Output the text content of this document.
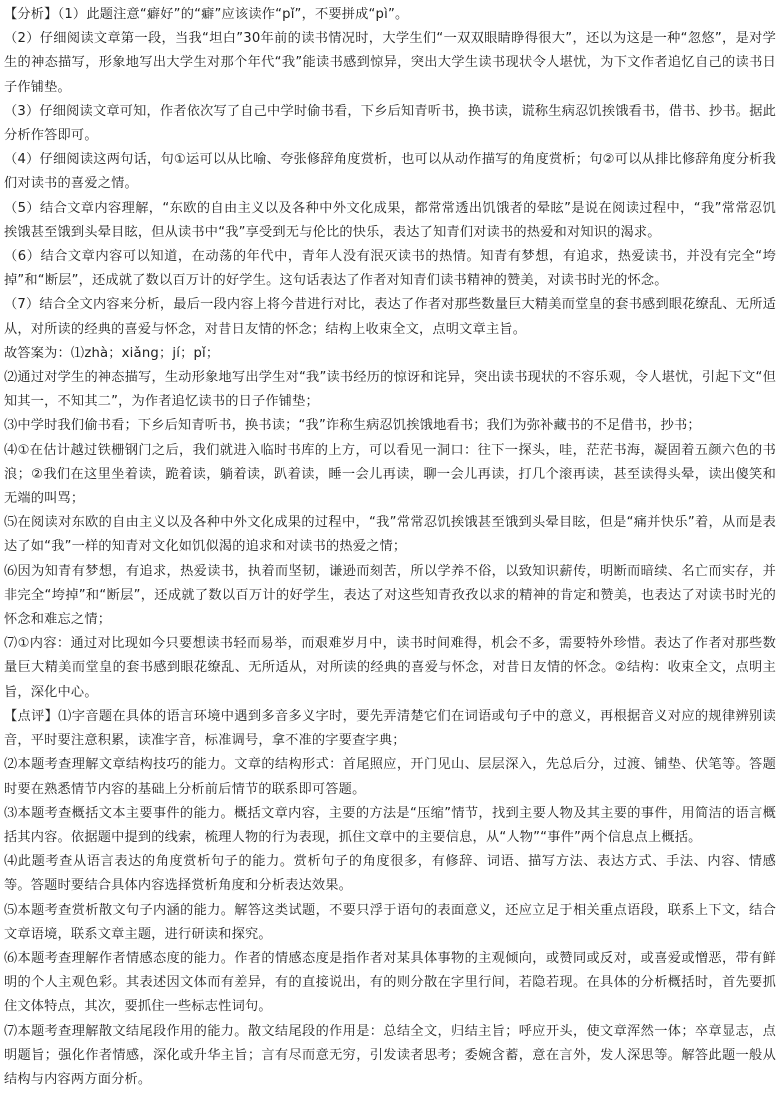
【分析】（1）此题注意“癖好”的“癖”应该读作“pǐ”，不要拼成“pì”。

（2）仔细阅读文章第一段，当我“坦白”30年前的读书情况时，大学生们“一双双眼睛睁得很大”，还以为这是一种“忽悠”，是对学生的神态描写，形象地写出大学生对那个年代“我”能读书感到惊异，突出大学生读书现状令人堪忧，为下文作者追忆自己的读书日子作铺垫。

（3）仔细阅读文章可知，作者依次写了自己中学时偷书看，下乡后知青听书，换书读，谎称生病忍饥挨饿看书，借书、抄书。据此分析作答即可。

（4）仔细阅读这两句话，句①运可以从比喻、夸张修辞角度赏析，也可以从动作描写的角度赏析；句②可以从排比修辞角度分析我们对读书的喜爱之情。

（5）结合文章内容理解，“东欧的自由主义以及各种中外文化成果，都常常透出饥饿者的晕眩”是说在阅读过程中，“我”常常忍饥挨饿甚至饿到头晕目眩，但从读书中“我”享受到无与伦比的快乐，表达了知青们对读书的热爱和对知识的渴求。

（6）结合文章内容可以知道，在动荡的年代中，青年人没有泯灭读书的热情。知青有梦想，有追求，热爱读书，并没有完全“垮掉”和“断层”，还成就了数以百万计的好学生。这句话表达了作者对知青们读书精神的赞美，对读书时光的怀念。

（7）结合全文内容来分析，最后一段内容上将今昔进行对比，表达了作者对那些数量巨大精美而堂皇的套书感到眼花缭乱、无所适从，对所读的经典的喜爱与怀念，对昔日友情的怀念；结构上收束全文，点明文章主旨。

故答案为：⑴zhà；xiǎng；jí；pǐ；

⑵通过对学生的神态描写，生动形象地写出学生对“我”读书经历的惊讶和诧异，突出读书现状的不容乐观，令人堪忧，引起下文“但知其一，不知其二”，为作者追忆读书的日子作铺垫；

⑶中学时我们偷书看；下乡后知青听书，换书读；“我”诈称生病忍饥挨饿地看书；我们为弥补藏书的不足借书，抄书；

⑷①在估计越过铁栅钢门之后，我们就进入临时书库的上方，可以看见一洞口：往下一探头，哇，茫茫书海，凝固着五颜六色的书浪；②我们在这里坐着读，跪着读，躺着读，趴着读，睡一会儿再读，聊一会儿再读，打几个滚再读，甚至读得头晕，读出傻笑和无端的叫骂；

⑸在阅读对东欧的自由主义以及各种中外文化成果的过程中，“我”常常忍饥挨饿甚至饿到头晕目眩，但是“痛并快乐”着，从而是表达了如“我”一样的知青对文化如饥似渴的追求和对读书的热爱之情；

⑹因为知青有梦想，有追求，热爱读书，执着而坚韧，谦逊而刻苦，所以学养不俗，以致知识薪传，明断而暗续、名亡而实存，并非完全“垮掉”和“断层”，还成就了数以百万计的好学生，表达了对这些知青孜孜以求的精神的肯定和赞美，也表达了对读书时光的怀念和难忘之情；

⑺①内容：通过对比现如今只要想读书轻而易举，而艰难岁月中，读书时间难得，机会不多，需要特外珍惜。表达了作者对那些数量巨大精美而堂皇的套书感到眼花缭乱、无所适从，对所读的经典的喜爱与怀念，对昔日友情的怀念。②结构：收束全文，点明主旨，深化中心。

【点评】⑴字音题在具体的语言环境中遇到多音多义字时，要先弄清楚它们在词语或句子中的意义，再根据音义对应的规律辨别读音，平时要注意积累，读准字音，标准调号，拿不准的字要查字典；

⑵本题考查理解文章结构技巧的能力。文章的结构形式：首尾照应，开门见山、层层深入，先总后分，过渡、铺垫、伏笔等。答题时要在熟悉情节内容的基础上分析前后情节的联系即可答题。

⑶本题考查概括文本主要事件的能力。概括文章内容，主要的方法是“压缩”情节，找到主要人物及其主要的事件，用简洁的语言概括其内容。依据题中提到的线索，梳理人物的行为表现，抓住文章中的主要信息，从“人物”“事件”两个信息点上概括。

⑷此题考查从语言表达的角度赏析句子的能力。赏析句子的角度很多，有修辞、词语、描写方法、表达方式、手法、内容、情感等。答题时要结合具体内容选择赏析角度和分析表达效果。

⑸本题考查赏析散文句子内涵的能力。解答这类试题，不要只浮于语句的表面意义，还应立足于相关重点语段，联系上下文，结合文章语境，联系文章主题，进行研读和探究。

⑹本题考查理解作者情感态度的能力。作者的情感态度是指作者对某具体事物的主观倾向，或赞同或反对，或喜爱或憎恶，带有鲜明的个人主观色彩。其表述因文体而有差异，有的直接说出，有的则分散在字里行间，若隐若现。在具体的分析概括时，首先要抓住文体特点，其次，要抓住一些标志性词句。

⑺本题考查理解散文结尾段作用的能力。散文结尾段的作用是：总结全文，归结主旨；呼应开头，使文章浑然一体；卒章显志，点明题旨；强化作者情感，深化或升华主旨；言有尽而意无穷，引发读者思考；委婉含蓄，意在言外，发人深思等。解答此题一般从结构与内容两方面分析。
